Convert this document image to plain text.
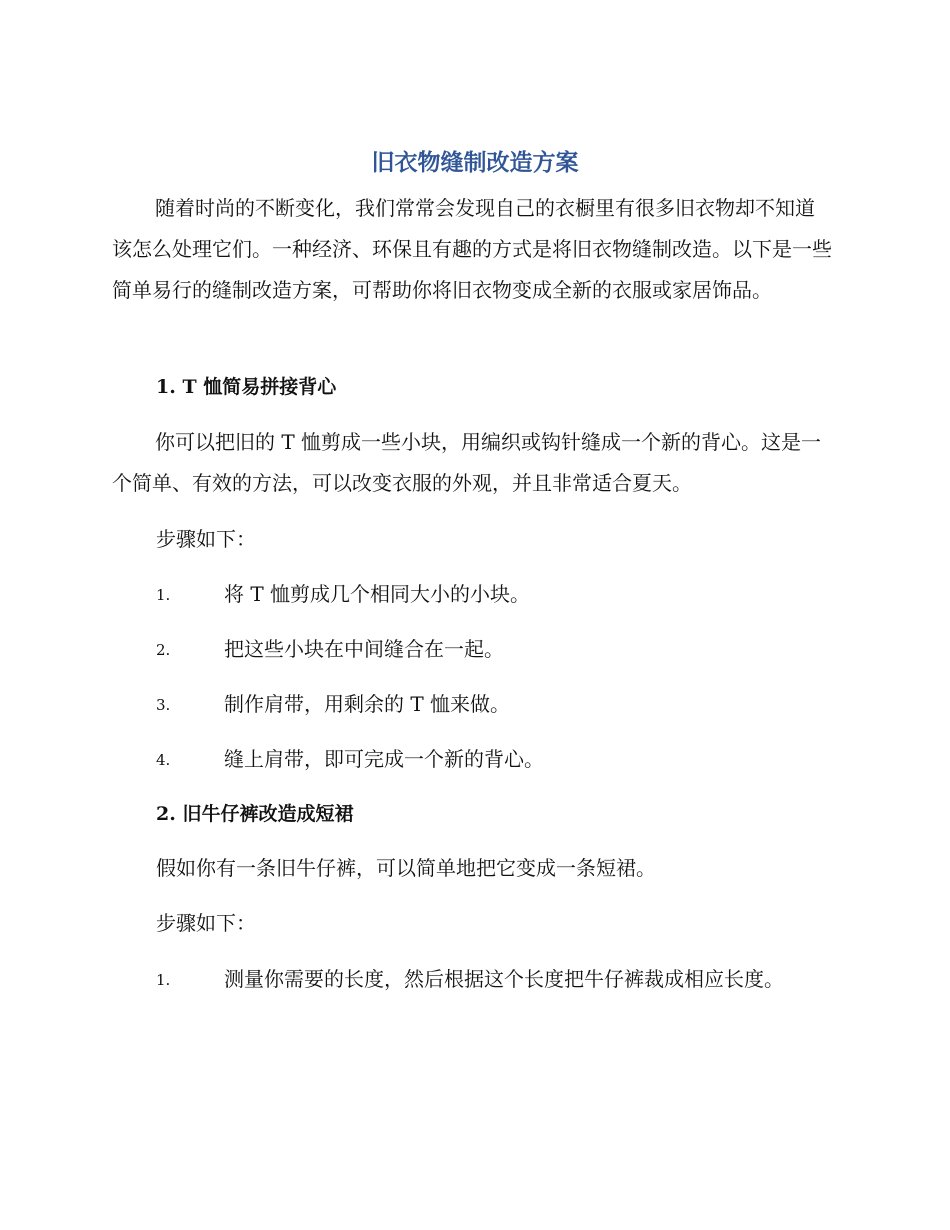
旧衣物缝制改造方案

随着时尚的不断变化，我们常常会发现自己的衣橱里有很多旧衣物却不知道该怎么处理它们。一种经济、环保且有趣的方式是将旧衣物缝制改造。以下是一些简单易行的缝制改造方案，可帮助你将旧衣物变成全新的衣服或家居饰品。

1. T 恤简易拼接背心

你可以把旧的 T 恤剪成一些小块，用编织或钩针缝成一个新的背心。这是一个简单、有效的方法，可以改变衣服的外观，并且非常适合夏天。

步骤如下：

1.	将 T 恤剪成几个相同大小的小块。
2.	把这些小块在中间缝合在一起。
3.	制作肩带，用剩余的 T 恤来做。
4.	缝上肩带，即可完成一个新的背心。

2. 旧牛仔裤改造成短裙

假如你有一条旧牛仔裤，可以简单地把它变成一条短裙。

步骤如下：

1.	测量你需要的长度，然后根据这个长度把牛仔裤裁成相应长度。
